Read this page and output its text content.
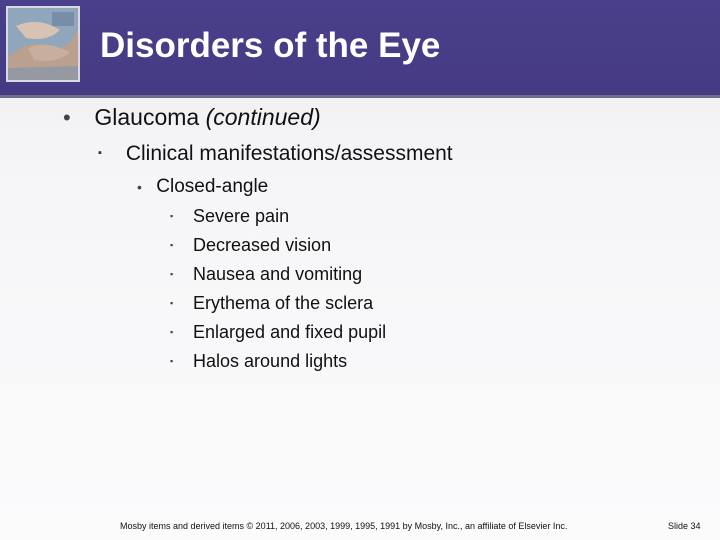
Disorders of the Eye
• Glaucoma (continued)
▪ Clinical manifestations/assessment
• Closed-angle
▪ Severe pain
▪ Decreased vision
▪ Nausea and vomiting
▪ Erythema of the sclera
▪ Enlarged and fixed pupil
▪ Halos around lights
Mosby items and derived items © 2011, 2006, 2003, 1999, 1995, 1991 by Mosby, Inc., an affiliate of Elsevier Inc.	Slide 34
